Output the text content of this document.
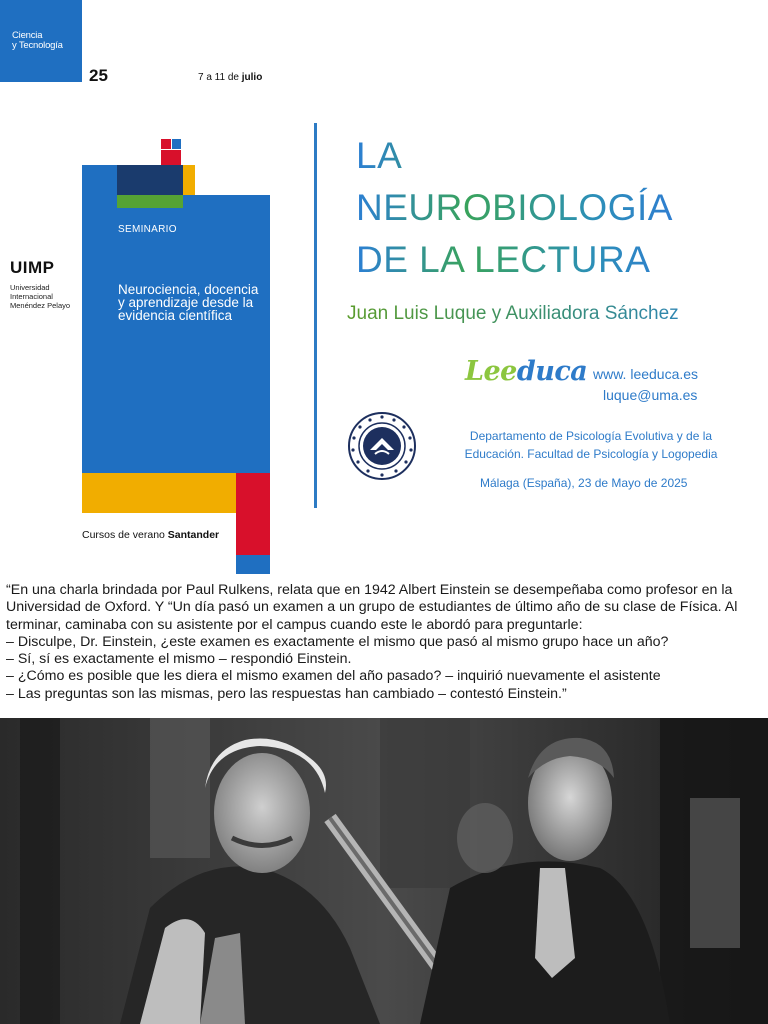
Ciencia
y Tecnología
25	7 a 11 de julio
UIMP
Universidad
Internacional
Menéndez Pelayo
SEMINARIO
Neurociencia, docencia y aprendizaje desde la evidencia científica
Cursos de verano Santander
LA
NEUROBIOLOGÍA
DE LA LECTURA
Juan Luis Luque y Auxiliadora Sánchez
Leeduca www. leeduca.es
luque@uma.es
Departamento de Psicología Evolutiva y de la Educación. Facultad de Psicología y Logopedia
Málaga (España), 23 de Mayo de 2025

“En una charla brindada por Paul Rulkens, relata que en 1942 Albert Einstein se desempeñaba como profesor en la Universidad de Oxford. Y “Un día pasó un examen a un grupo de estudiantes de último año de su clase de Física. Al terminar, caminaba con su asistente por el campus cuando este le abordó para preguntarle:

– Disculpe, Dr. Einstein, ¿este examen es exactamente el mismo que pasó al mismo grupo hace un año?

– Sí, sí es exactamente el mismo – respondió Einstein.

– ¿Cómo es posible que les diera el mismo examen del año pasado? – inquirió nuevamente el asistente

– Las preguntas son las mismas, pero las respuestas han cambiado – contestó Einstein.”
